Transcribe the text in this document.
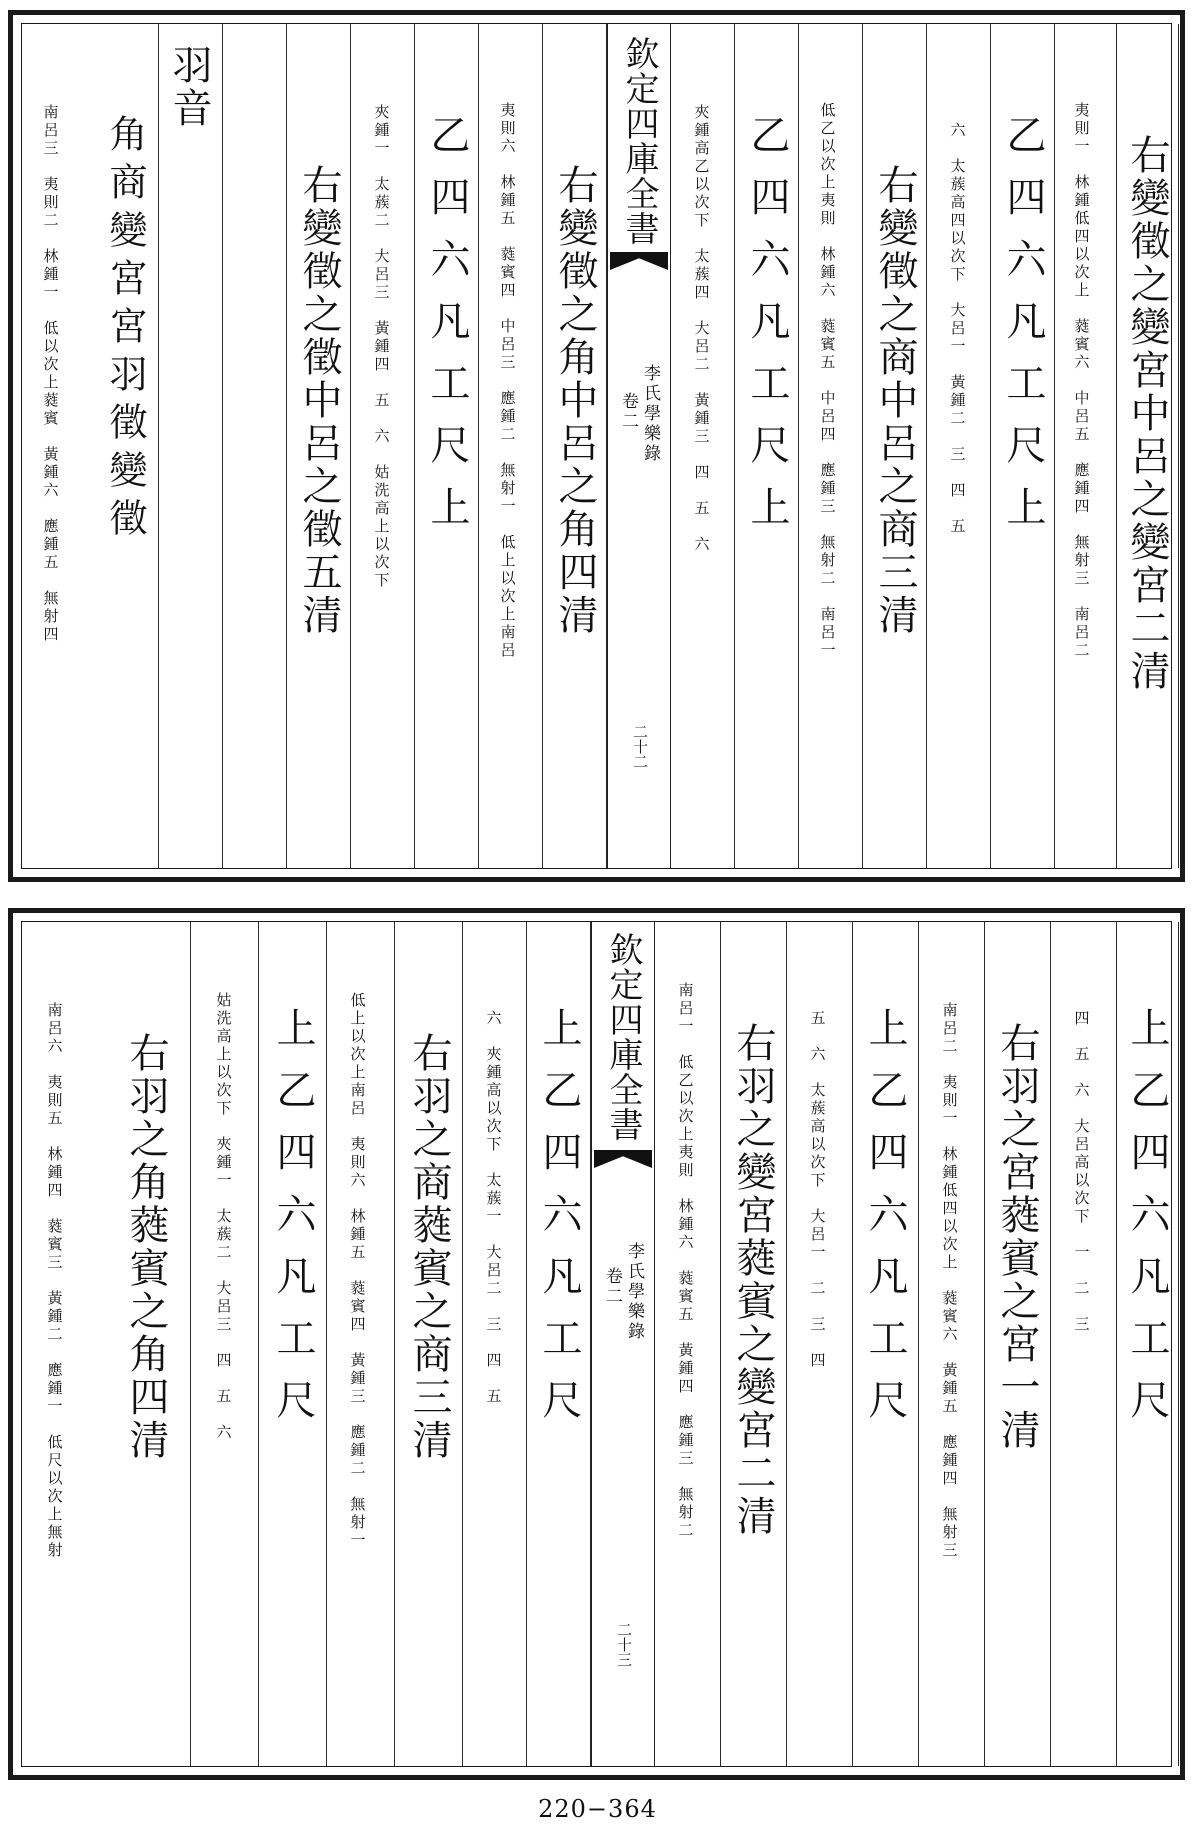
右變徵之變宮中呂之變宮二清
夷則一　林鍾低四以次上　蕤賓六　中呂五　應鍾四　無射三　南呂二
乙四六凡工尺上
六　太蔟高四以次下　大呂一　黃鍾二　三　四　五
右變徵之商中呂之商三清
低乙以次上夷則　林鍾六　蕤賓五　中呂四　應鍾三　無射二　南呂一
乙四六凡工尺上
夾鍾高乙以次下　太蔟四　大呂二　黃鍾三　四　五　六
欽定四庫全書
李氏學樂錄
卷二
二十二
右變徵之角中呂之角四清
夷則六　林鍾五　蕤賓四　中呂三　應鍾二　無射一　低上以次上南呂
乙四六凡工尺上
夾鍾一　太蔟二　大呂三　黃鍾四　五　六　姑洗高上以次下
右變徵之徵中呂之徵五清
羽音
角商變宮宮羽徵變徵
南呂三　夷則二　林鍾一　低以次上蕤賓　黃鍾六　應鍾五　無射四
上乙四六凡工尺
四　五　六　大呂高以次下　一　二　三
右羽之宮蕤賓之宮一清
南呂二　夷則一　林鍾低四以次上　蕤賓六　黃鍾五　應鍾四　無射三
上乙四六凡工尺
五　六　太蔟高以次下　大呂一　二　三　四
右羽之變宮蕤賓之變宮二清
南呂一　低乙以次上夷則　林鍾六　蕤賓五　黃鍾四　應鍾三　無射二
欽定四庫全書
李氏學樂錄
卷二
二十三
上乙四六凡工尺
六　夾鍾高以次下　太蔟一　大呂二　三　四　五
右羽之商蕤賓之商三清
低上以次上南呂　夷則六　林鍾五　蕤賓四　黃鍾三　應鍾二　無射一
上乙四六凡工尺
姑洗高上以次下　夾鍾一　太蔟二　大呂三　四　五　六
右羽之角蕤賓之角四清
南呂六　夷則五　林鍾四　蕤賓三　黃鍾二　應鍾一　低尺以次上無射
220−364
